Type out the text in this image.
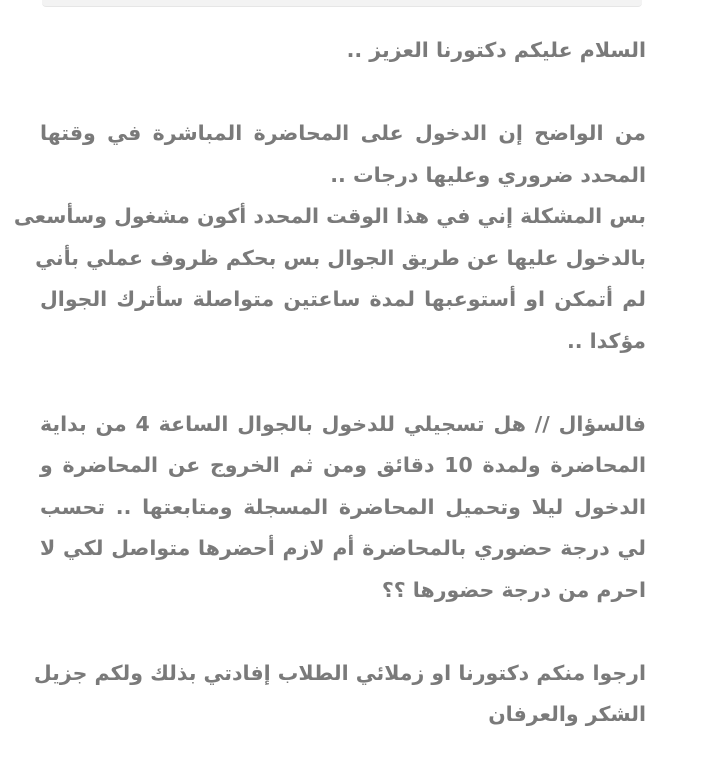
السلام عليكم دكتورنا العزيز ..
من الواضح إن الدخول على المحاضرة المباشرة في وقتها
المحدد ضروري وعليها درجات ..
بس المشكلة إني في هذا الوقت المحدد أكون مشغول وسأسعى
بالدخول عليها عن طريق الجوال بس بحكم ظروف عملي بأني
لم أتمكن او أستوعبها لمدة ساعتين متواصلة سأترك الجوال
مؤكدا ..
فالسؤال // هل تسجيلي للدخول بالجوال الساعة 4 من بداية
المحاضرة ولمدة 10 دقائق ومن ثم الخروج عن المحاضرة و
الدخول ليلا وتحميل المحاضرة المسجلة ومتابعتها .. تحسب
لي درجة حضوري بالمحاضرة أم لازم أحضرها متواصل لكي لا
احرم من درجة حضورها ؟؟
ارجوا منكم دكتورنا او زملائي الطلاب إفادتي بذلك ولكم جزيل
الشكر والعرفان
